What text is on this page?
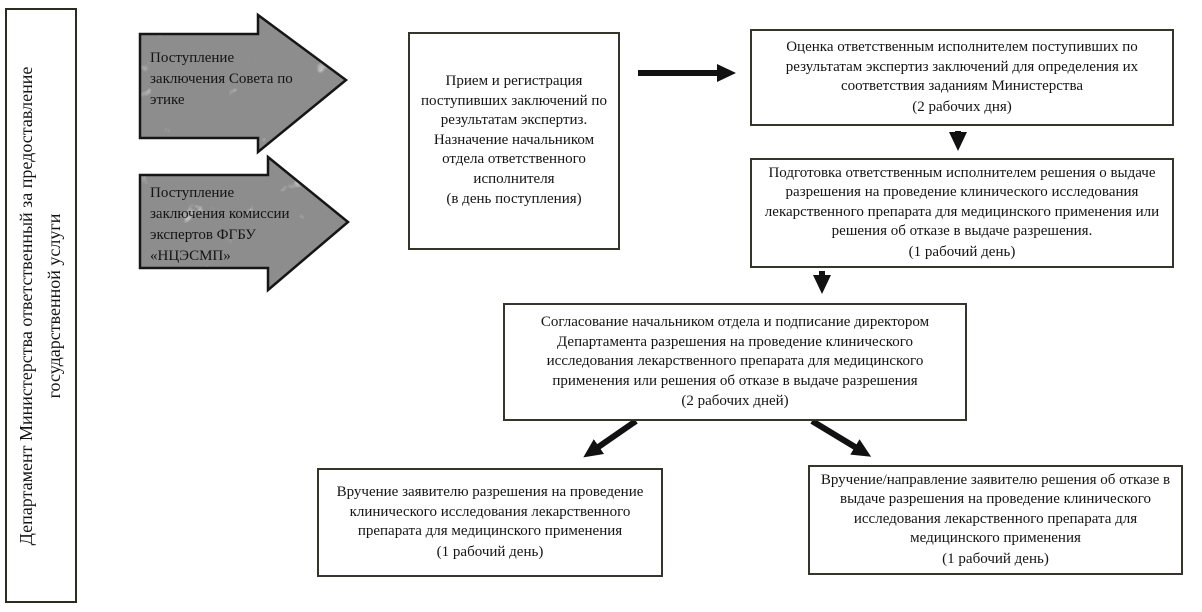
Департамент Министерства ответственный за предоставление государственной услуги
Поступление заключения Совета по этике
Поступление заключения комиссии экспертов ФГБУ «НЦЭСМП»
Прием и регистрация поступивших заключений по результатам экспертиз. Назначение начальником отдела ответственного исполнителя
(в день поступления)
Оценка ответственным исполнителем поступивших по результатам экспертиз заключений для определения их соответствия заданиям Министерства
(2 рабочих дня)
Подготовка ответственным исполнителем решения о выдаче разрешения на проведение клинического исследования лекарственного препарата для медицинского применения или решения об отказе в выдаче разрешения.
(1 рабочий день)
Согласование начальником отдела и подписание директором Департамента разрешения на проведение клинического исследования лекарственного препарата для медицинского применения или решения об отказе в выдаче разрешения
(2 рабочих дней)
Вручение заявителю разрешения на проведение клинического исследования лекарственного препарата для медицинского применения
(1 рабочий день)
Вручение/направление заявителю решения об отказе в выдаче разрешения на проведение клинического исследования лекарственного препарата для медицинского применения
(1 рабочий день)
